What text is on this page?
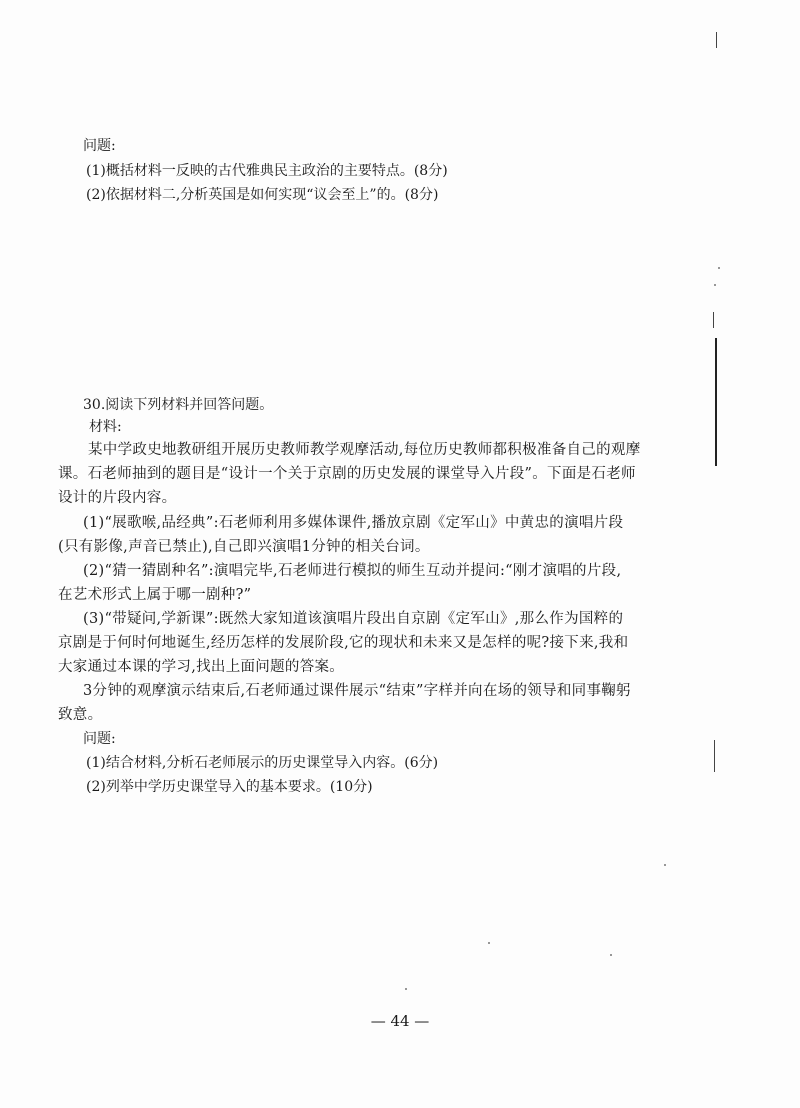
问题:
(1)概括材料一反映的古代雅典民主政治的主要特点。(8分)
(2)依据材料二,分析英国是如何实现“议会至上”的。(8分)
30.阅读下列材料并回答问题。
材料:
某中学政史地教研组开展历史教师教学观摩活动,每位历史教师都积极准备自己的观摩
课。石老师抽到的题目是“设计一个关于京剧的历史发展的课堂导入片段”。下面是石老师
设计的片段内容。
(1)“展歌喉,品经典”:石老师利用多媒体课件,播放京剧《定军山》中黄忠的演唱片段
(只有影像,声音已禁止),自己即兴演唱1分钟的相关台词。
(2)“猜一猜剧种名”:演唱完毕,石老师进行模拟的师生互动并提问:“刚才演唱的片段,
在艺术形式上属于哪一剧种?”
(3)“带疑问,学新课”:既然大家知道该演唱片段出自京剧《定军山》,那么作为国粹的
京剧是于何时何地诞生,经历怎样的发展阶段,它的现状和未来又是怎样的呢?接下来,我和
大家通过本课的学习,找出上面问题的答案。
3分钟的观摩演示结束后,石老师通过课件展示“结束”字样并向在场的领导和同事鞠躬
致意。
问题:
(1)结合材料,分析石老师展示的历史课堂导入内容。(6分)
(2)列举中学历史课堂导入的基本要求。(10分)
— 44 —
